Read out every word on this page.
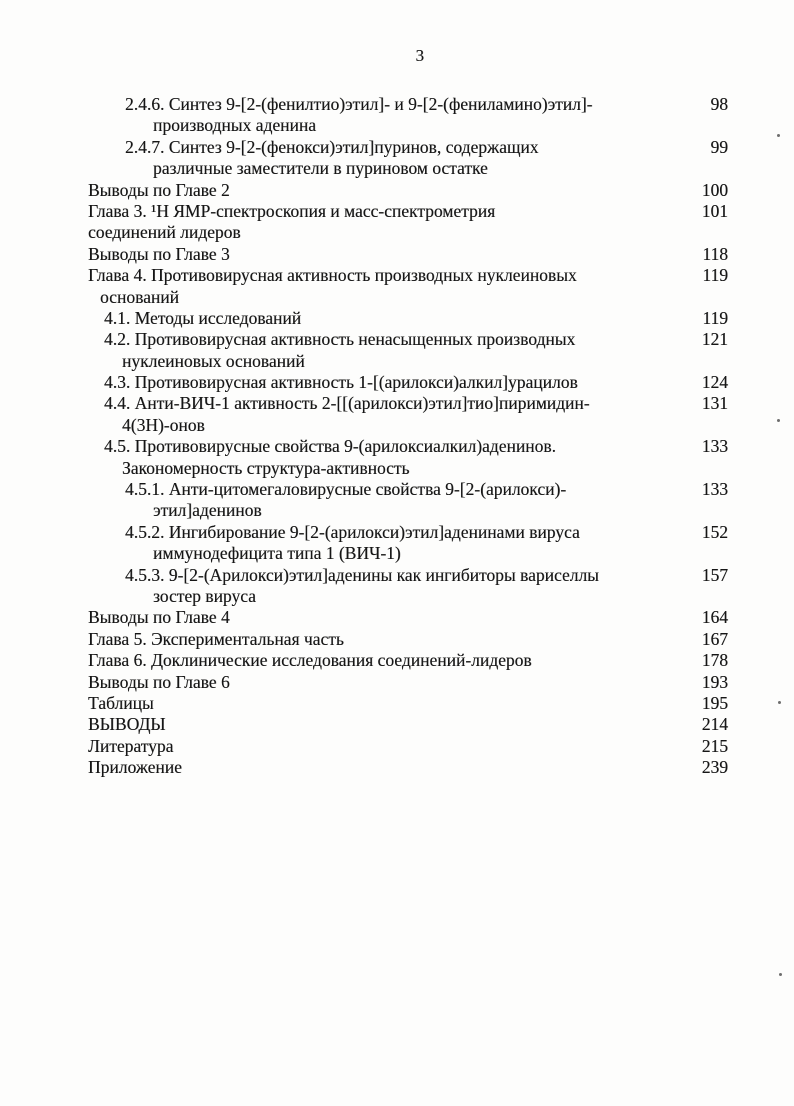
3
2.4.6. Синтез 9-[2-(фенилтио)этил]- и 9-[2-(фениламино)этил]-	98
производных аденина
2.4.7. Синтез 9-[2-(фенокси)этил]пуринов, содержащих	99
различные заместители в пуриновом остатке
Выводы по Главе 2	100
Глава 3. ¹Н ЯМР-спектроскопия и масс-спектрометрия	101
соединений лидеров
Выводы по Главе 3	118
Глава 4. Противовирусная активность производных нуклеиновых	119
оснований
4.1. Методы исследований	119
4.2. Противовирусная активность ненасыщенных производных	121
нуклеиновых оснований
4.3. Противовирусная активность 1-[(арилокси)алкил]урацилов	124
4.4. Анти-ВИЧ-1 активность 2-[[(арилокси)этил]тио]пиримидин-	131
4(3Н)-онов
4.5. Противовирусные свойства 9-(арилоксиалкил)аденинов.	133
Закономерность структура-активность
4.5.1. Анти-цитомегаловирусные свойства 9-[2-(арилокси)-	133
этил]аденинов
4.5.2. Ингибирование 9-[2-(арилокси)этил]аденинами вируса	152
иммунодефицита типа 1 (ВИЧ-1)
4.5.3. 9-[2-(Арилокси)этил]аденины как ингибиторы вариселлы	157
зостер вируса
Выводы по Главе 4	164
Глава 5. Экспериментальная часть	167
Глава 6. Доклинические исследования соединений-лидеров	178
Выводы по Главе 6	193
Таблицы	195
ВЫВОДЫ	214
Литература	215
Приложение	239
